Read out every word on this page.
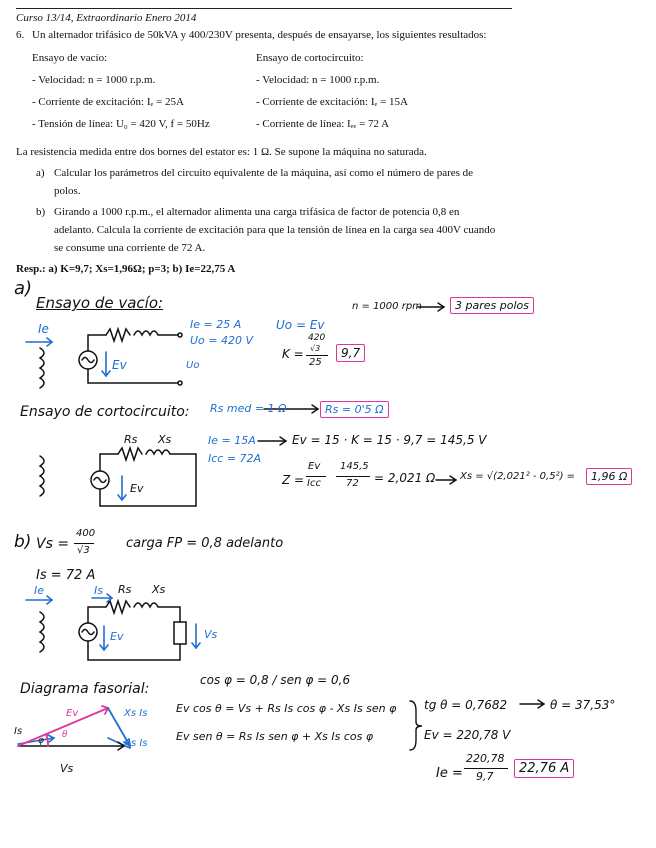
Curso 13/14, Extraordinario Enero 2014
6. Un alternador trifásico de 50kVA y 400/230V presenta, después de ensayarse, los siguientes resultados:
Ensayo de vacío:
- Velocidad: n = 1000 r.p.m.
- Corriente de excitación: Iₑ = 25A
- Tensión de línea: U₀ = 420 V, f = 50Hz
Ensayo de cortocircuito:
- Velocidad: n = 1000 r.p.m.
- Corriente de excitación: Iₑ = 15A
- Corriente de línea: Iₑₑ = 72 A
La resistencia medida entre dos bornes del estator es: 1 Ω. Se supone la máquina no saturada.
a) Calcular los parámetros del circuito equivalente de la máquina, así como el número de pares de
polos.
b) Girando a 1000 r.p.m., el alternador alimenta una carga trifásica de factor de potencia 0,8 en
adelanto. Calcula la corriente de excitación para que la tensión de línea en la carga sea 400V cuando
se consume una corriente de 72 A.
Resp.: a) K=9,7; Xs=1,96Ω; p=3; b) Ie=22,75 A
a)
Ensayo de vacío:	n = 1000 rpm	3 pares polos
Ie	Ie = 25 A
Uo = 420 V
Uo = Ev
Ev	Uo
K =
420
√3
25
9,7
Ensayo de cortocircuito: Rs med = 1 Ω	Rs = 0'5 Ω
Rs Xs	Ie = 15A
Icc = 72A
Ev = 15 · K = 15 · 9,7 = 145,5 V
Ev
Z =
Ev
Icc
145,5
72 = 2,021 Ω Xs = √(2,021² - 0,5²) =	1,96 Ω
b) Vs =
400
√3	carga FP = 0,8 adelanto
Is = 72 A
Ie	Is Rs Xs
Ev	Vs
cos φ = 0,8 / sen φ = 0,6
Diagrama fasorial:
Ev	Xs Is
Is
φ
θ
Rs Is
Vs
Ev cos θ = Vs + Rs Is cos φ - Xs Is sen φ
Ev sen θ = Rs Is sen φ + Xs Is cos φ
tg θ = 0,7682	θ = 37,53°
Ev = 220,78 V
Ie =
220,78
9,7
22,76 A
